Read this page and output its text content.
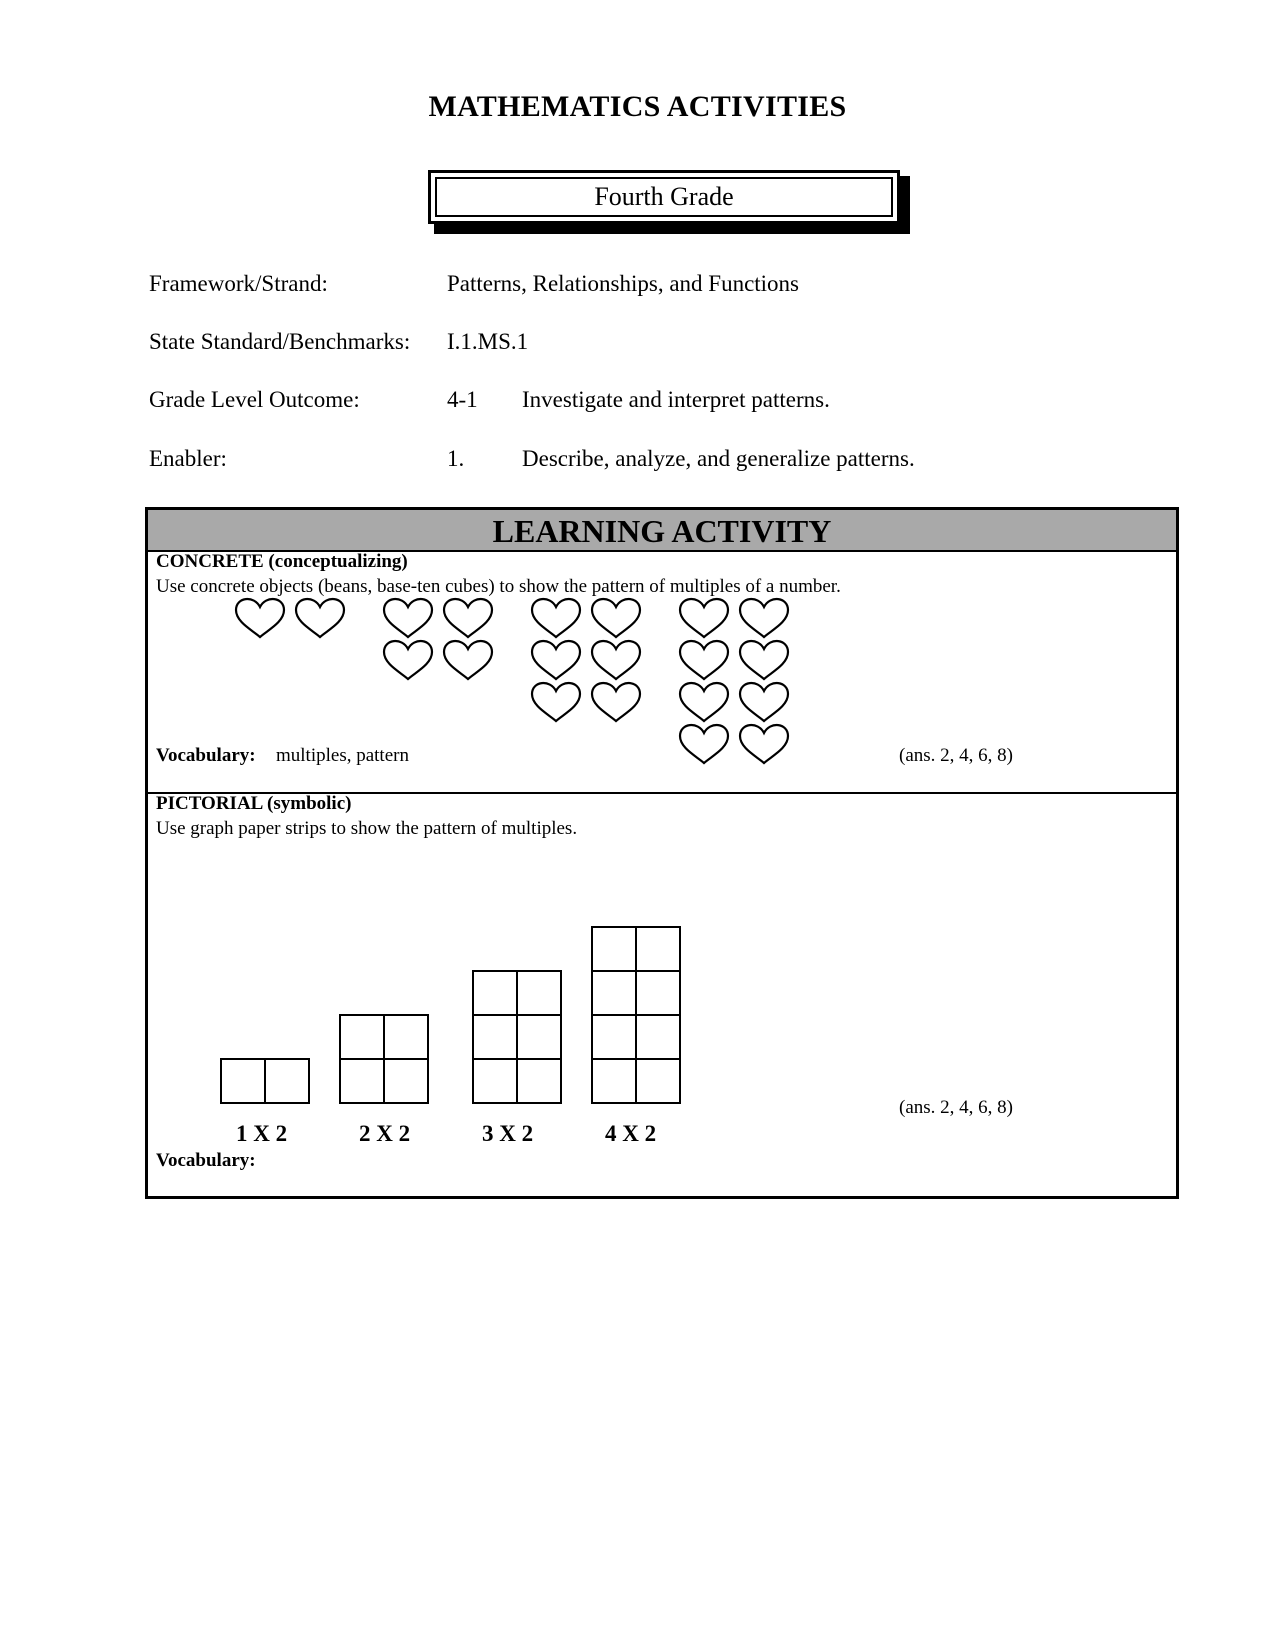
MATHEMATICS ACTIVITIES
Fourth Grade
Framework/Strand:	Patterns, Relationships, and Functions
State Standard/Benchmarks: I.1.MS.1
Grade Level Outcome:	4-1 Investigate and interpret patterns.
Enabler:	1.	Describe, analyze, and generalize patterns.
LEARNING ACTIVITY
CONCRETE (conceptualizing)
Use concrete objects (beans, base-ten cubes) to show the pattern of multiples of a number.
Vocabulary: multiples, pattern	(ans. 2, 4, 6, 8)
PICTORIAL (symbolic)
Use graph paper strips to show the pattern of multiples.
1 X 2	2 X 2	3 X 2	4 X 2
(ans. 2, 4, 6, 8)
Vocabulary:
